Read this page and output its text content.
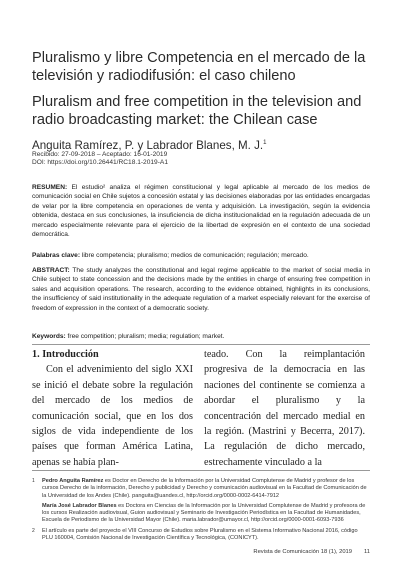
Pluralismo y libre Competencia en el mercado de la televisión y radiodifusión: el caso chileno
Pluralism and free competition in the television and radio broadcasting market: the Chilean case
Anguita Ramírez, P. y Labrador Blanes, M. J.$^1$
Recibido: 27-09-2018 – Aceptado: 16-01-2019
DOI: https://doi.org/10.26441/RC18.1-2019-A1
RESUMEN: El estudio² analiza el régimen constitucional y legal aplicable al mercado de los medios de comunicación social en Chile sujetos a concesión estatal y las decisiones elaboradas por las entidades encargadas de velar por la libre competencia en operaciones de venta y adquisición. La investigación, según la evidencia obtenida, destaca en sus conclusiones, la insuficiencia de dicha institucionalidad en la regulación adecuada de un mercado especialmente relevante para el ejercicio de la libertad de expresión en el contexto de una sociedad democrática.
Palabras clave: libre competencia; pluralismo; medios de comunicación; regulación; mercado.
ABSTRACT: The study analyzes the constitutional and legal regime applicable to the market of social media in Chile subject to state concession and the decisions made by the entities in charge of ensuring free competition in sales and acquisition operations. The research, according to the evidence obtained, highlights in its conclusions, the insufficiency of said institutionality in the adequate regulation of a market especially relevant for the exercise of freedom of expression in the context of a democratic society.
Keywords: free competition; pluralism; media; regulation; market.
1. Introducción
Con el advenimiento del siglo XXI se inició el debate sobre la regulación del mercado de los medios de comunicación social, que en los dos siglos de vida independiente de los países que forman América Latina, apenas se había plan-
teado. Con la reimplantación progresiva de la democracia en las naciones del continente se comienza a abordar el pluralismo y la concentración del mercado medial en la región. (Mastrini y Becerra, 2017). La regulación de dicho mercado, estrechamente vinculado a la
1 Pedro Anguita Ramírez es Doctor en Derecho de la Información por la Universidad Complutense de Madrid y profesor de los cursos Derecho de la información, Derecho y publicidad y Derecho y comunicación audiovisual en la Facultad de Comunicación de la Universidad de los Andes (Chile). panguita@uandes.cl, http://orcid.org/0000-0002-6414-7912
María José Labrador Blanes es Doctora en Ciencias de la Información por la Universidad Complutense de Madrid y profesora de los cursos Realización audiovisual, Guion audiovisual y Seminario de Investigación Periodística en la Facultad de Humanidades, Escuela de Periodismo de la Universidad Mayor (Chile). maria.labrador@umayor.cl, http://orcid.org/0000-0001-6093-7936
2 El artículo es parte del proyecto el VIII Concurso de Estudios sobre Pluralismo en el Sistema Informativo Nacional 2016, código PLU 160004, Comisión Nacional de Investigación Científica y Tecnológica, (CONICYT).
Revista de Comunicación 18 (1), 2019 11
